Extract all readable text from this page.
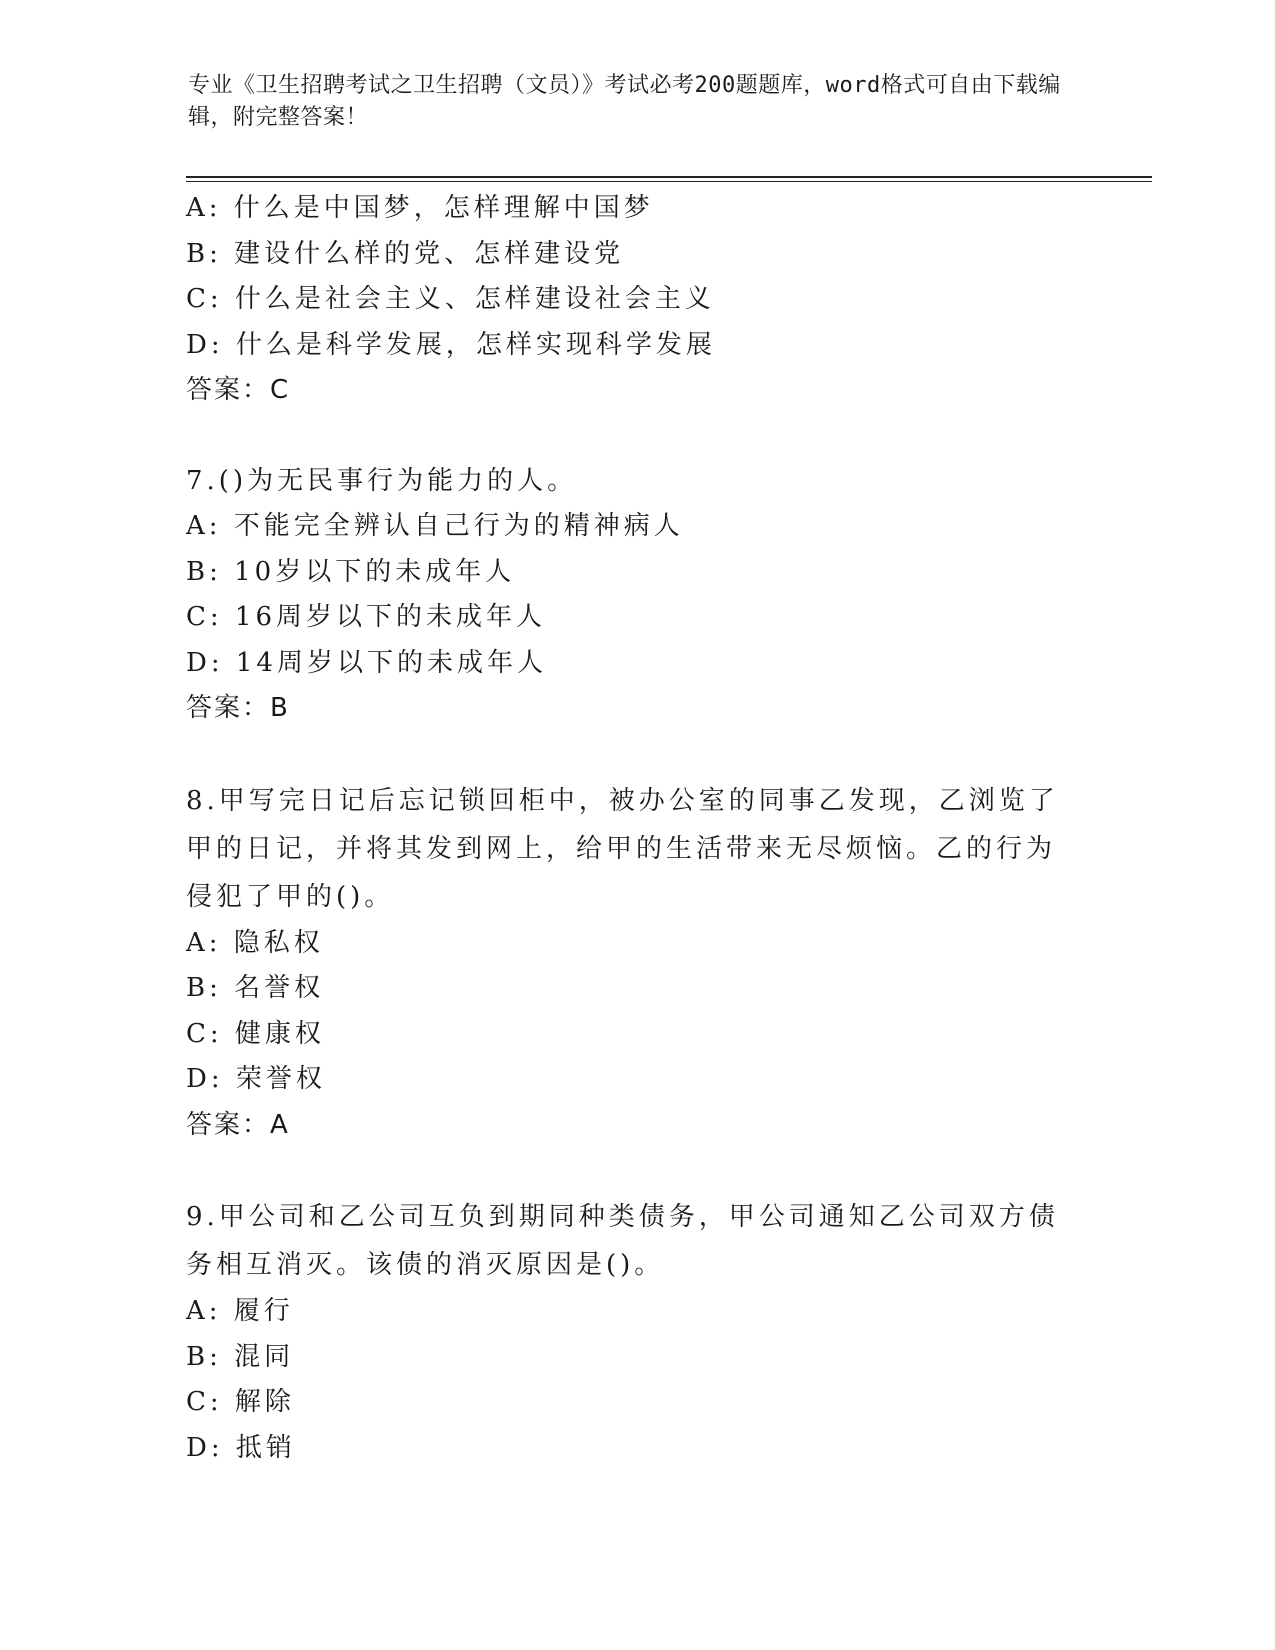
专业《卫生招聘考试之卫生招聘（文员）》考试必考200题题库，word格式可自由下载编辑，附完整答案！
A: 什么是中国梦，怎样理解中国梦
B: 建设什么样的党、怎样建设党
C: 什么是社会主义、怎样建设社会主义
D: 什么是科学发展，怎样实现科学发展
答案：C
7.()为无民事行为能力的人。
A: 不能完全辨认自己行为的精神病人
B: 10岁以下的未成年人
C: 16周岁以下的未成年人
D: 14周岁以下的未成年人
答案：B
8.甲写完日记后忘记锁回柜中，被办公室的同事乙发现，乙浏览了甲的日记，并将其发到网上，给甲的生活带来无尽烦恼。乙的行为侵犯了甲的()。
A: 隐私权
B: 名誉权
C: 健康权
D: 荣誉权
答案：A
9.甲公司和乙公司互负到期同种类债务，甲公司通知乙公司双方债务相互消灭。该债的消灭原因是()。
A: 履行
B: 混同
C: 解除
D: 抵销
